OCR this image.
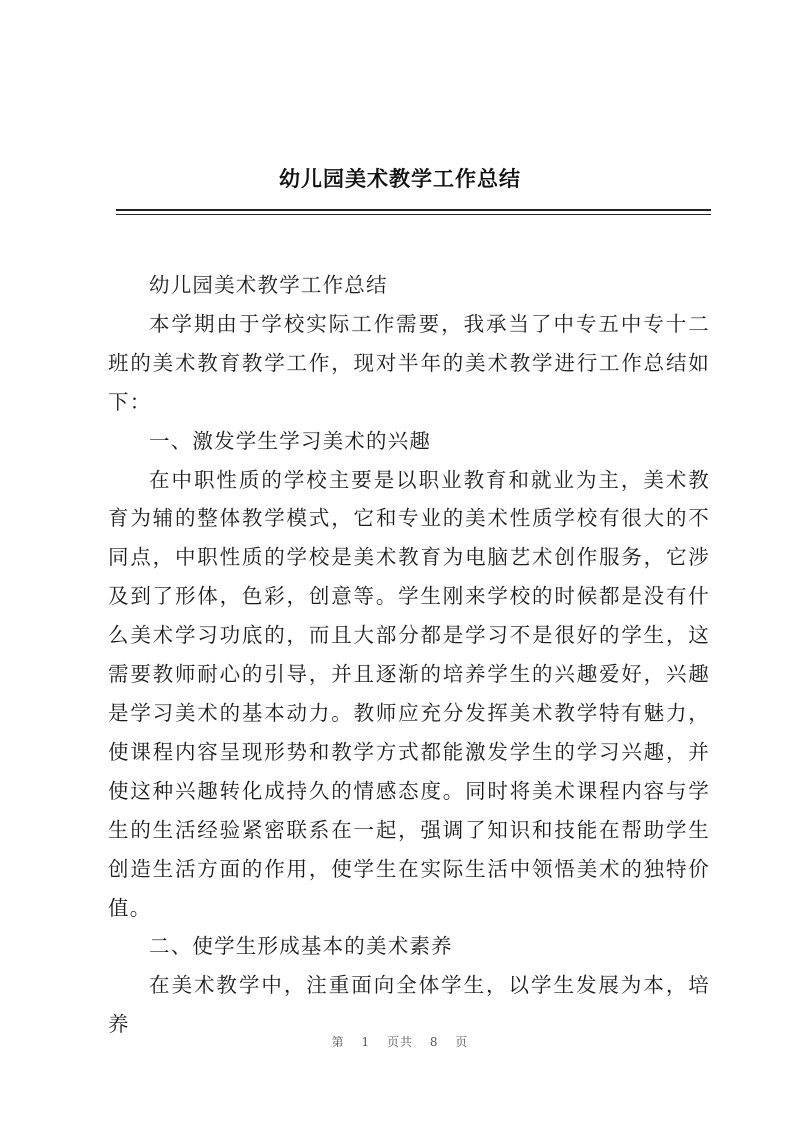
幼儿园美术教学工作总结

幼儿园美术教学工作总结

本学期由于学校实际工作需要，我承当了中专五中专十二班的美术教育教学工作，现对半年的美术教学进行工作总结如下：

一、激发学生学习美术的兴趣

在中职性质的学校主要是以职业教育和就业为主，美术教育为辅的整体教学模式，它和专业的美术性质学校有很大的不同点，中职性质的学校是美术教育为电脑艺术创作服务，它涉及到了形体，色彩，创意等。学生刚来学校的时候都是没有什么美术学习功底的，而且大部分都是学习不是很好的学生，这需要教师耐心的引导，并且逐渐的培养学生的兴趣爱好，兴趣是学习美术的基本动力。教师应充分发挥美术教学特有魅力，使课程内容呈现形势和教学方式都能激发学生的学习兴趣，并使这种兴趣转化成持久的情感态度。同时将美术课程内容与学生的生活经验紧密联系在一起，强调了知识和技能在帮助学生创造生活方面的作用，使学生在实际生活中领悟美术的独特价值。

二、使学生形成基本的美术素养

在美术教学中，注重面向全体学生，以学生发展为本，培养

第 1 页共 8 页
